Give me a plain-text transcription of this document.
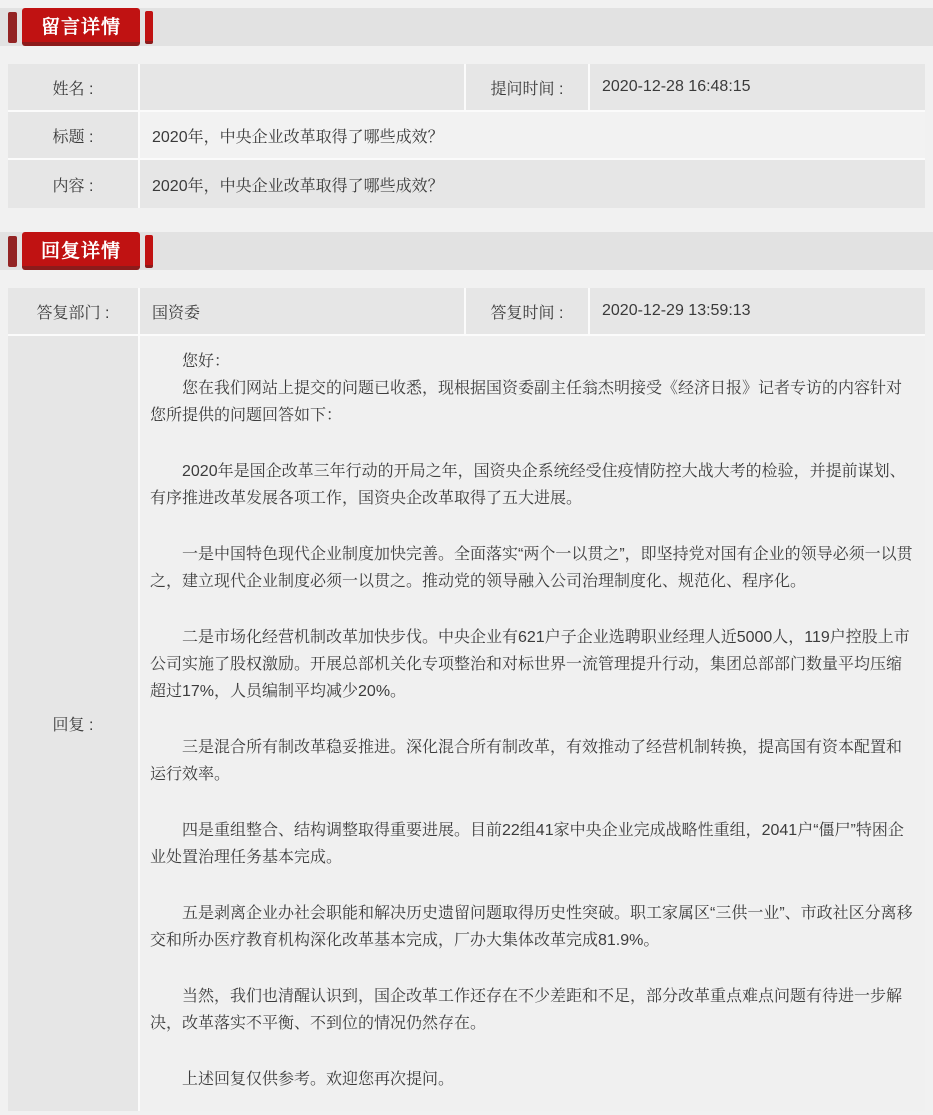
留言详情
姓名 :		提问时间 :	2020-12-28 16:48:15
标题 :	2020年，中央企业改革取得了哪些成效？		
内容 :	2020年，中央企业改革取得了哪些成效？		
回复详情
答复部门 :	国资委	答复时间 :	2020-12-29 13:59:13
回复 :	

您好：

您在我们网站上提交的问题已收悉，现根据国资委副主任翁杰明接受《经济日报》记者专访的内容针对您所提供的问题回答如下：

2020年是国企改革三年行动的开局之年，国资央企系统经受住疫情防控大战大考的检验，并提前谋划、有序推进改革发展各项工作，国资央企改革取得了五大进展。

一是中国特色现代企业制度加快完善。全面落实“两个一以贯之”，即坚持党对国有企业的领导必须一以贯之，建立现代企业制度必须一以贯之。推动党的领导融入公司治理制度化、规范化、程序化。

二是市场化经营机制改革加快步伐。中央企业有621户子企业选聘职业经理人近5000人，119户控股上市公司实施了股权激励。开展总部机关化专项整治和对标世界一流管理提升行动，集团总部部门数量平均压缩超过17%，人员编制平均减少20%。

三是混合所有制改革稳妥推进。深化混合所有制改革，有效推动了经营机制转换，提高国有资本配置和运行效率。

四是重组整合、结构调整取得重要进展。目前22组41家中央企业完成战略性重组，2041户“僵尸”特困企业处置治理任务基本完成。

五是剥离企业办社会职能和解决历史遗留问题取得历史性突破。职工家属区“三供一业”、市政社区分离移交和所办医疗教育机构深化改革基本完成，厂办大集体改革完成81.9%。

当然，我们也清醒认识到，国企改革工作还存在不少差距和不足，部分改革重点难点问题有待进一步解决，改革落实不平衡、不到位的情况仍然存在。

上述回复仅供参考。欢迎您再次提问。
